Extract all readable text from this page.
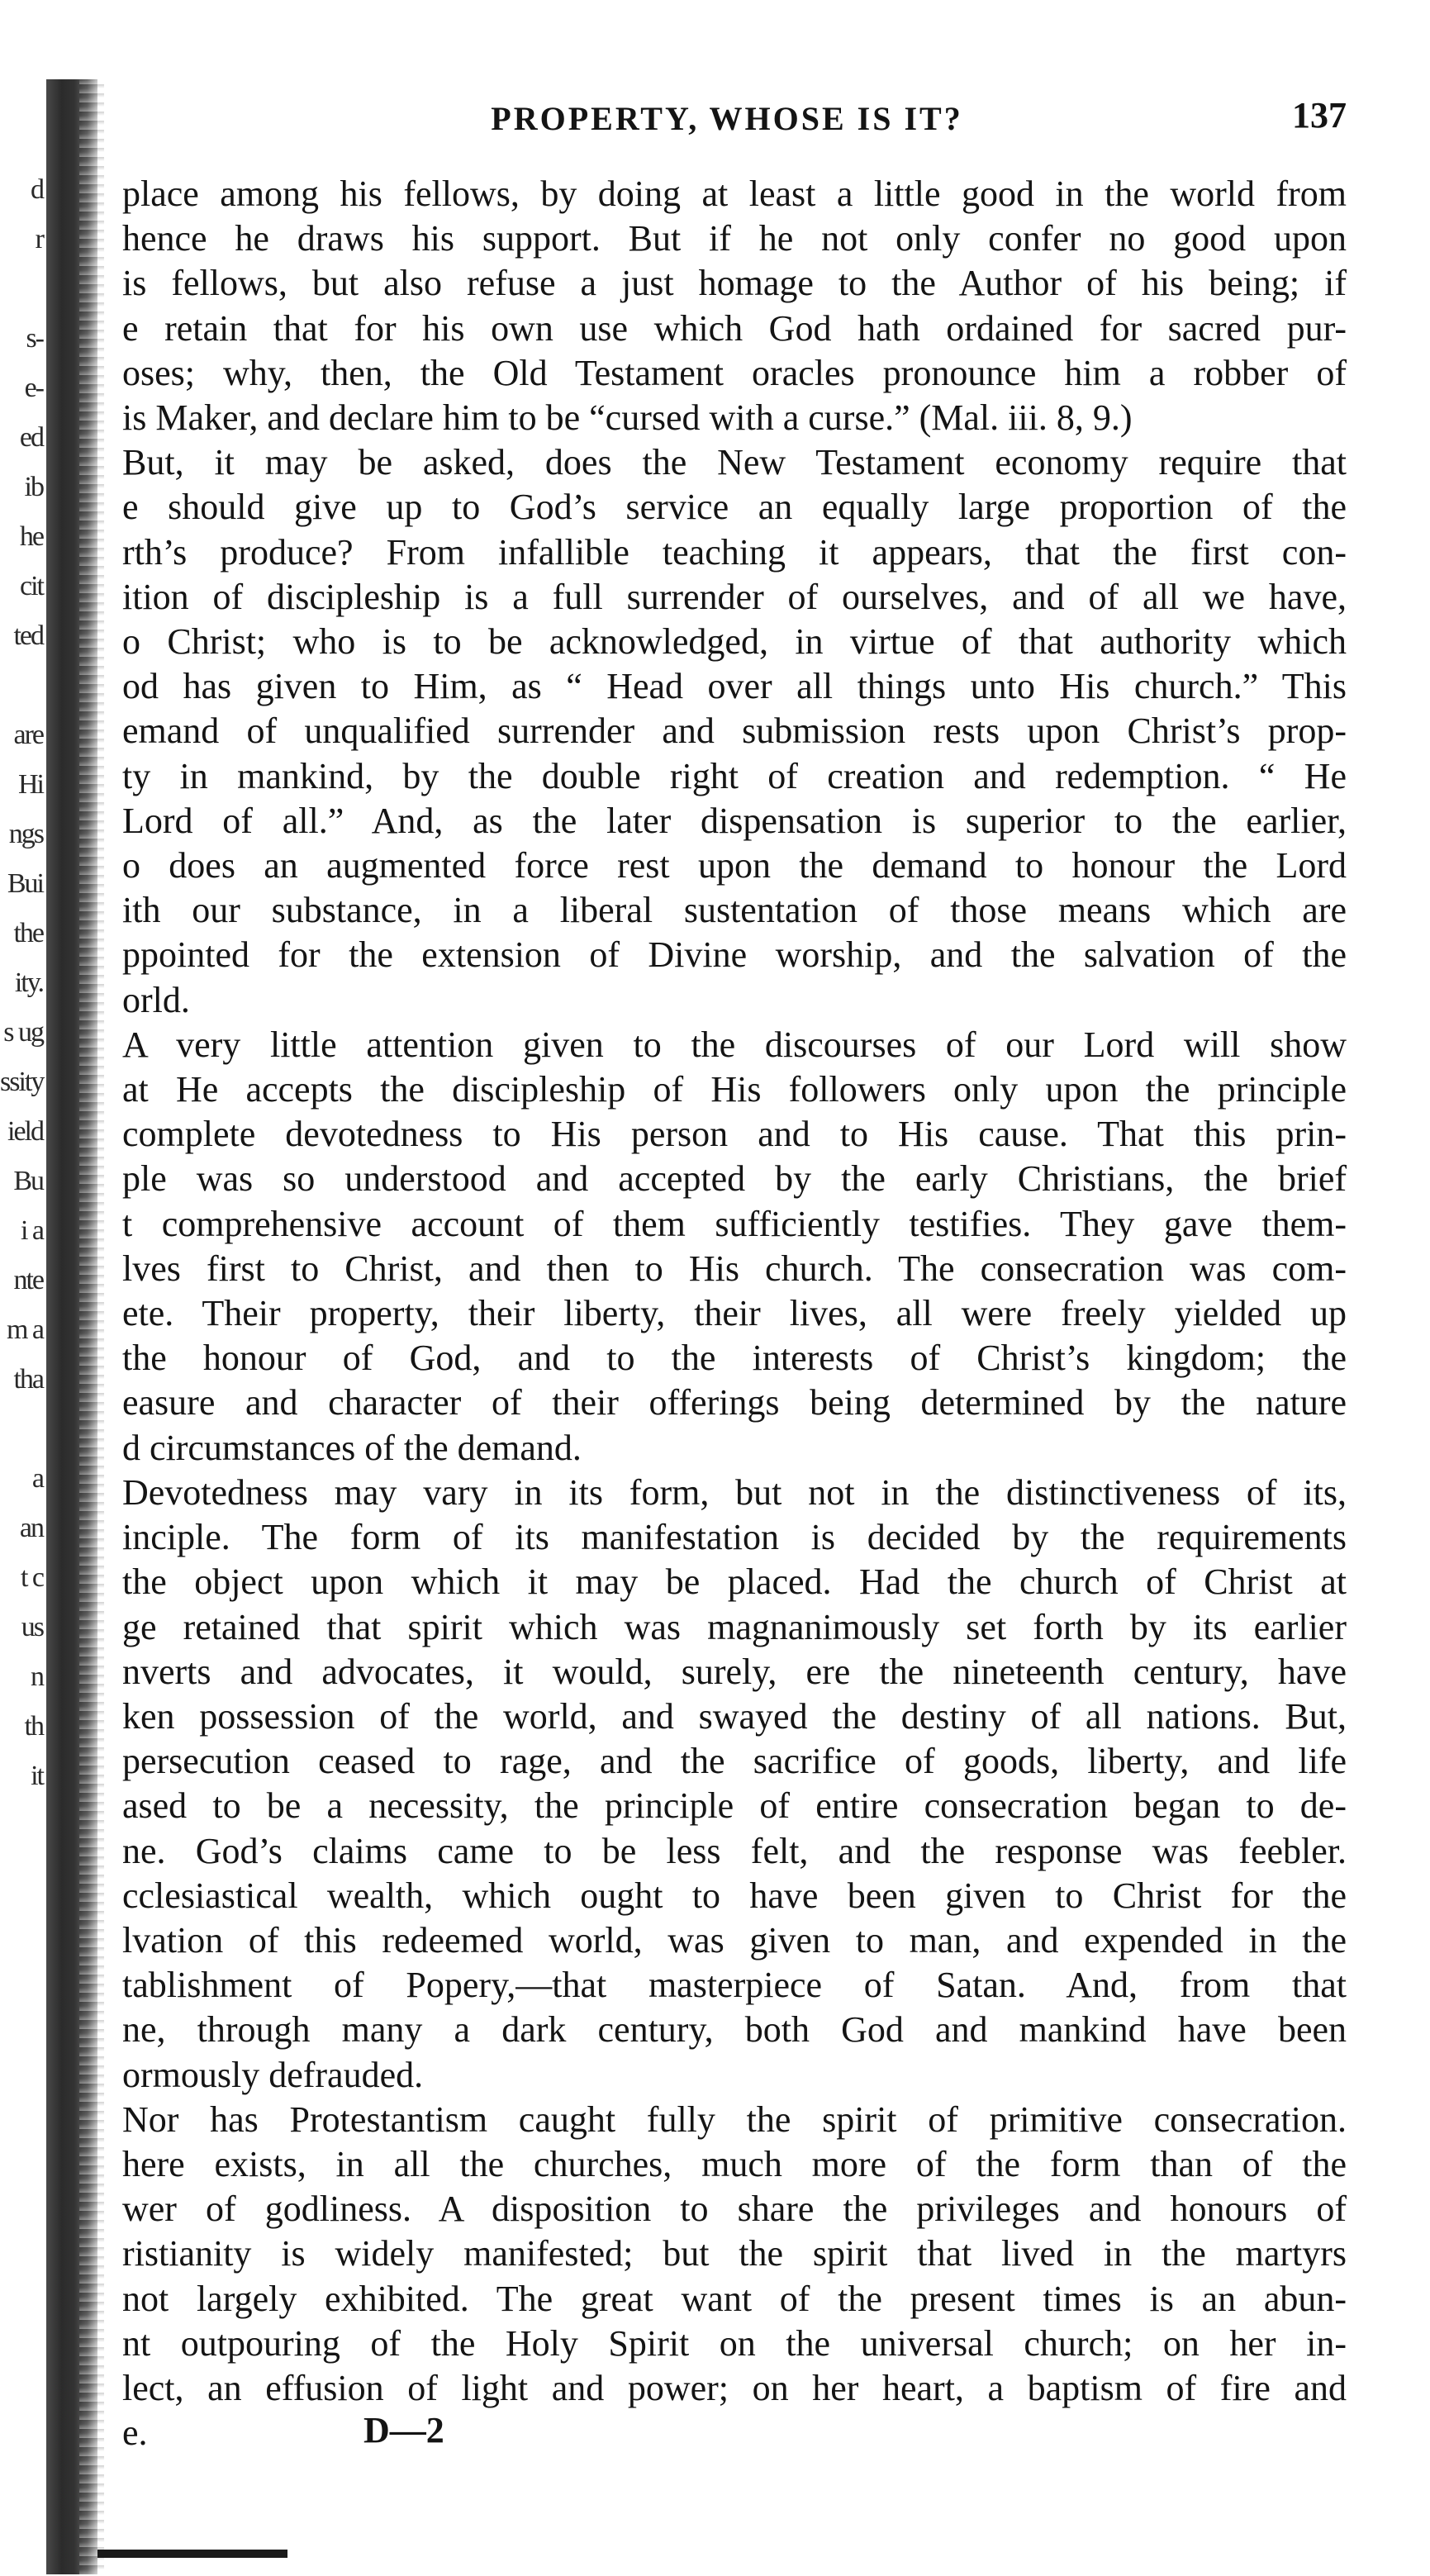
d
r

s-
e-
ed
ib
he
cit
ted

are
Hi
ngs
Bui
the
ity.
s ug
ssity
ield
Bu
i a
nte
m a
tha

a
an
t c
us
n
th
it
PROPERTY, WHOSE IS IT?	137
place among his fellows, by doing at least a little good in the world from
hence he draws his support. But if he not only confer no good upon
is fellows, but also refuse a just homage to the Author of his being; if
e retain that for his own use which God hath ordained for sacred pur-
oses; why, then, the Old Testament oracles pronounce him a robber of
is Maker, and declare him to be “cursed with a curse.” (Mal. iii. 8, 9.)
But, it may be asked, does the New Testament economy require that
e should give up to God’s service an equally large proportion of the
rth’s produce? From infallible teaching it appears, that the first con-
ition of discipleship is a full surrender of ourselves, and of all we have,
o Christ; who is to be acknowledged, in virtue of that authority which
od has given to Him, as “ Head over all things unto His church.” This
emand of unqualified surrender and submission rests upon Christ’s prop-
ty in mankind, by the double right of creation and redemption. “ He
Lord of all.” And, as the later dispensation is superior to the earlier,
o does an augmented force rest upon the demand to honour the Lord
ith our substance, in a liberal sustentation of those means which are
ppointed for the extension of Divine worship, and the salvation of the
orld.
A very little attention given to the discourses of our Lord will show
at He accepts the discipleship of His followers only upon the principle
complete devotedness to His person and to His cause. That this prin-
ple was so understood and accepted by the early Christians, the brief
t comprehensive account of them sufficiently testifies. They gave them-
lves first to Christ, and then to His church. The consecration was com-
ete. Their property, their liberty, their lives, all were freely yielded up
the honour of God, and to the interests of Christ’s kingdom; the
easure and character of their offerings being determined by the nature
d circumstances of the demand.
Devotedness may vary in its form, but not in the distinctiveness of its,
inciple. The form of its manifestation is decided by the requirements
the object upon which it may be placed. Had the church of Christ at
ge retained that spirit which was magnanimously set forth by its earlier
nverts and advocates, it would, surely, ere the nineteenth century, have
ken possession of the world, and swayed the destiny of all nations. But,
persecution ceased to rage, and the sacrifice of goods, liberty, and life
ased to be a necessity, the principle of entire consecration began to de-
ne. God’s claims came to be less felt, and the response was feebler.
cclesiastical wealth, which ought to have been given to Christ for the
lvation of this redeemed world, was given to man, and expended in the
tablishment of Popery,—that masterpiece of Satan. And, from that
ne, through many a dark century, both God and mankind have been
ormously defrauded.
Nor has Protestantism caught fully the spirit of primitive consecration.
here exists, in all the churches, much more of the form than of the
wer of godliness. A disposition to share the privileges and honours of
ristianity is widely manifested; but the spirit that lived in the martyrs
not largely exhibited. The great want of the present times is an abun-
nt outpouring of the Holy Spirit on the universal church; on her in-
lect, an effusion of light and power; on her heart, a baptism of fire and
e.	D—2
